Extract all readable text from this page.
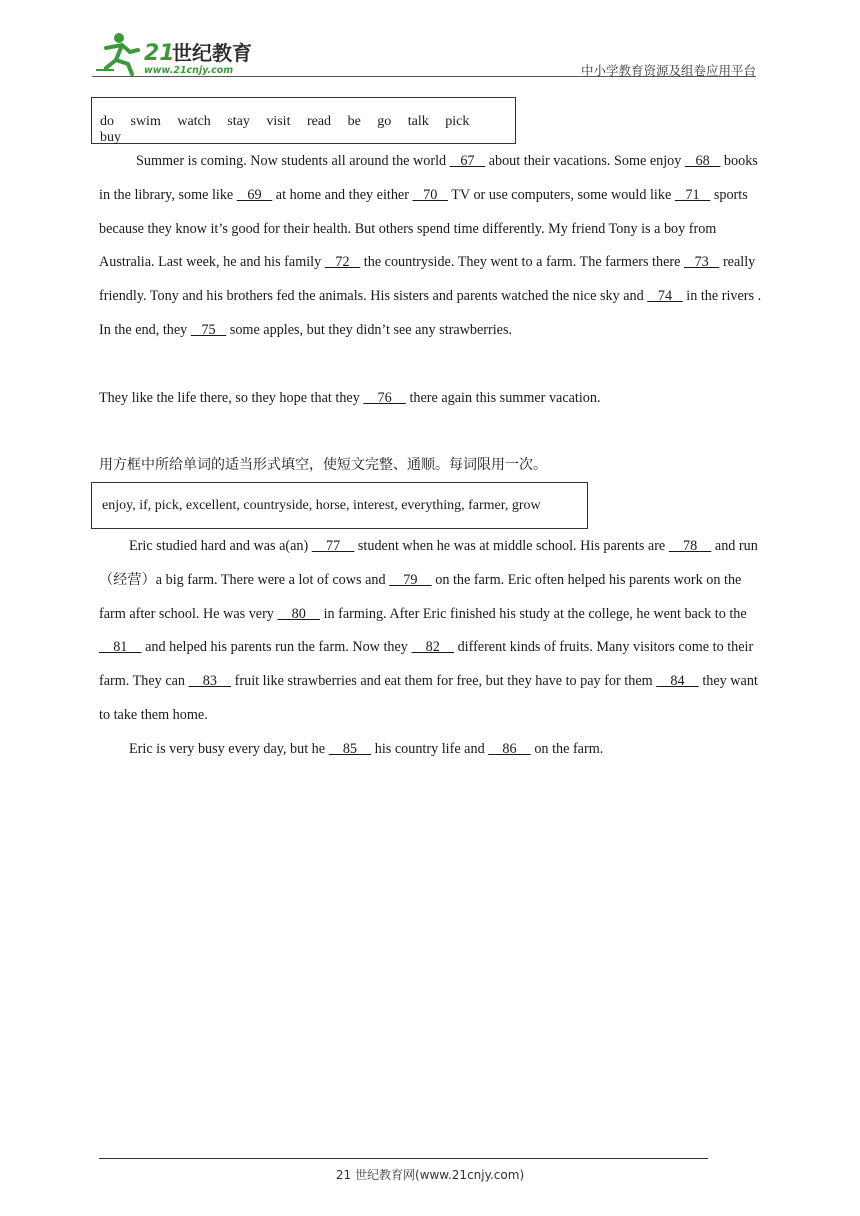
21
世纪教育
www.21cnjy.com	中小学教育资源及组卷应用平台
do swim watch stay visit read be go talk pick buy

Summer is coming. Now students all around the world    67    about their vacations. Some enjoy    68    books in the library, some like    69    at home and they either    70    TV or use computers, some would like    71    sports because they know it’s good for their health. But others spend time differently. My friend Tony is a boy from Australia. Last week, he and his family    72    the countryside. They went to a farm. The farmers there    73    really friendly. Tony and his brothers fed the animals. His sisters and parents watched the nice sky and    74    in the rivers . In the end, they    75    some apples, but they didn’t see any strawberries.

They like the life there, so they hope that they     76     there again this summer vacation.

用方框中所给单词的适当形式填空，使短文完整、通顺。每词限用一次。
enjoy, if, pick, excellent, countryside, horse, interest, everything, farmer, grow

Eric studied hard and was a(an)     77     student when he was at middle school. His parents are     78     and run（经营）a big farm. There were a lot of cows and     79     on the farm. Eric often helped his parents work on the farm after school. He was very     80     in farming. After Eric finished his study at the college, he went back to the     81     and helped his parents run the farm. Now they     82     different kinds of fruits. Many visitors come to their farm. They can     83     fruit like strawberries and eat them for free, but they have to pay for them     84     they want to take them home.

Eric is very busy every day, but he     85     his country life and     86     on the farm.

21 世纪教育网(www.21cnjy.com)
